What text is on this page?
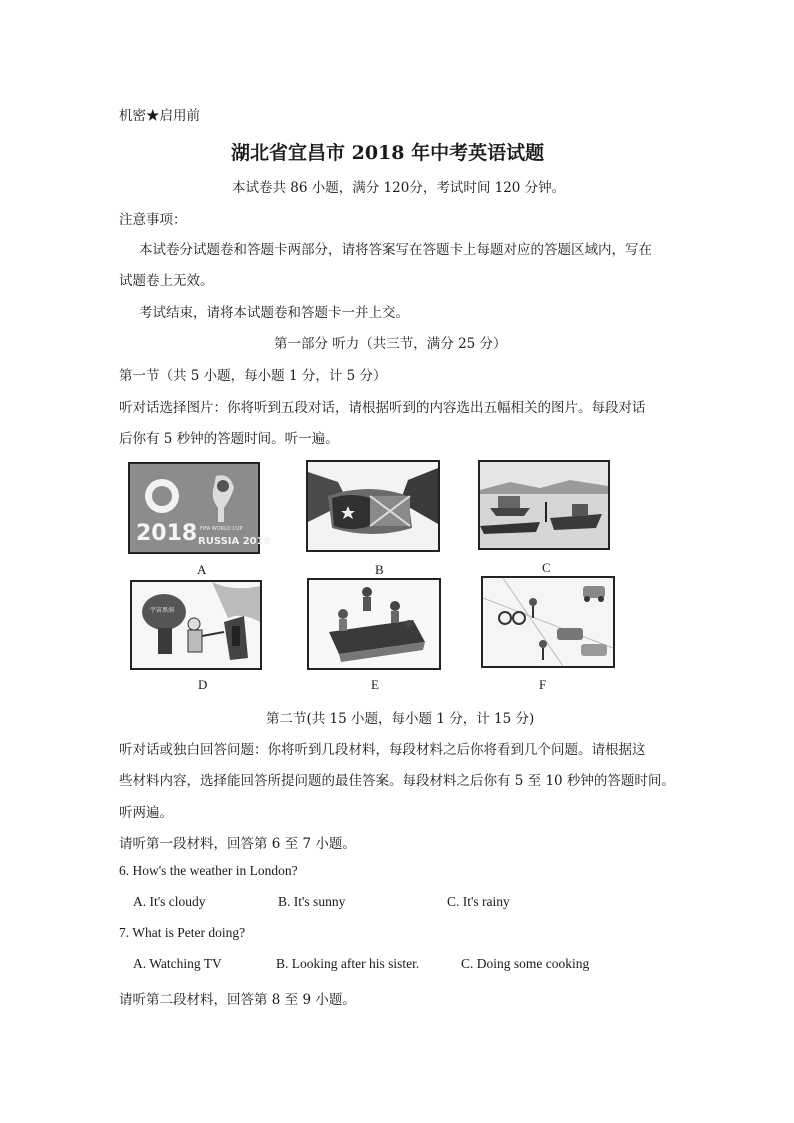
机密★启用前
湖北省宜昌市 2018 年中考英语试题
本试卷共 86 小题，满分 120分，考试时间 120 分钟。
注意事项：
本试卷分试题卷和答题卡两部分，请将答案写在答题卡上每题对应的答题区域内，写在
试题卷上无效。
考试结束，请将本试题卷和答题卡一并上交。
第一部分 听力（共三节，满分 25 分）
第一节（共 5 小题，每小题 1 分，计 5 分）
听对话选择图片：你将听到五段对话，请根据听到的内容选出五幅相关的图片。每段对话
后你有 5 秒钟的答题时间。听一遍。
2018 FIFA WORLD CUP
RUSSIA 2018
A	B	C
宇宙黑洞
D	E	F
第二节(共 15 小题，每小题 1 分，计 15 分)
听对话或独白回答问题：你将听到几段材料，每段材料之后你将看到几个问题。请根据这
些材料内容，选择能回答所提问题的最佳答案。每段材料之后你有 5 至 10 秒钟的答题时间。
听两遍。
请听第一段材料，回答第 6 至 7 小题。
6. How's the weather in London?
A. It's cloudy	B. It's sunny	C. It's rainy
7. What is Peter doing?
A. Watching TV	B. Looking after his sister.	C. Doing some cooking
请听第二段材料，回答第 8 至 9 小题。
